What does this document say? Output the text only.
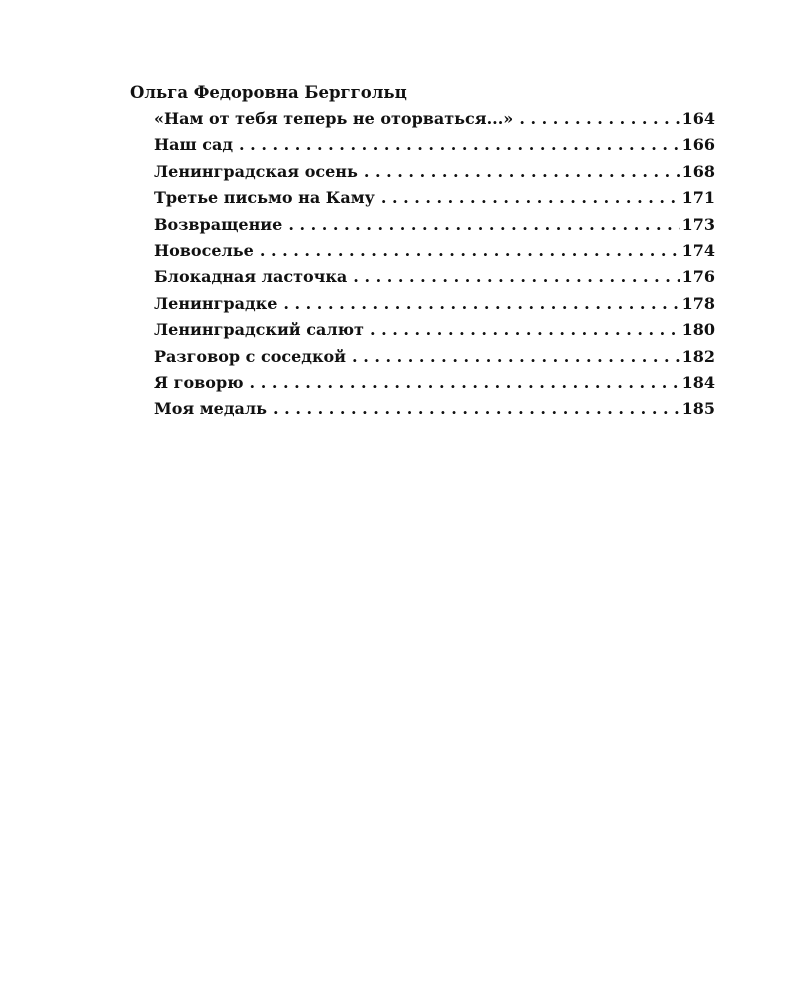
Ольга Федоровна Берггольц
«Нам от тебя теперь не оторваться...» . . .	164
Наш сад . . .	166
Ленинградская осень . . .	168
Третье письмо на Каму . . .	171
Возвращение . . .	173
Новоселье . . .	174
Блокадная ласточка . . .	176
Ленинградке . . .	178
Ленинградский салют . . .	180
Разговор с соседкой . . .	182
Я говорю . . .	184
Моя медаль . . .	185
